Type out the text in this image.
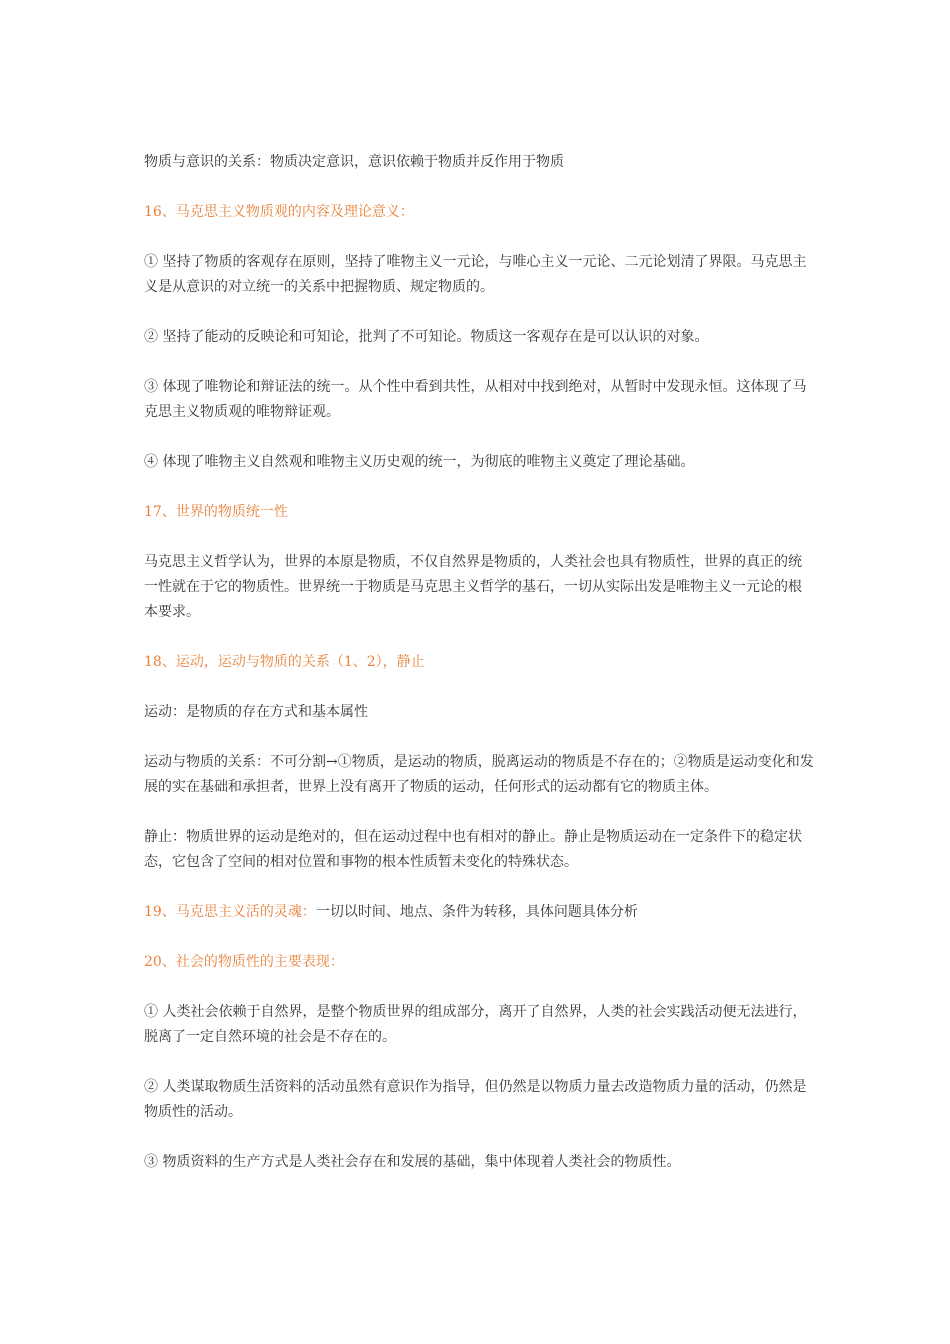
物质与意识的关系：物质决定意识，意识依赖于物质并反作用于物质

16、马克思主义物质观的内容及理论意义：

① 坚持了物质的客观存在原则，坚持了唯物主义一元论，与唯心主义一元论、二元论划清了界限。马克思主义是从意识的对立统一的关系中把握物质、规定物质的。

② 坚持了能动的反映论和可知论，批判了不可知论。物质这一客观存在是可以认识的对象。

③ 体现了唯物论和辩证法的统一。从个性中看到共性，从相对中找到绝对，从暂时中发现永恒。这体现了马克思主义物质观的唯物辩证观。

④ 体现了唯物主义自然观和唯物主义历史观的统一，为彻底的唯物主义奠定了理论基础。

17、世界的物质统一性

马克思主义哲学认为，世界的本原是物质，不仅自然界是物质的，人类社会也具有物质性，世界的真正的统一性就在于它的物质性。世界统一于物质是马克思主义哲学的基石，一切从实际出发是唯物主义一元论的根本要求。

18、运动，运动与物质的关系（1、2），静止

运动：是物质的存在方式和基本属性

运动与物质的关系：不可分割→①物质，是运动的物质，脱离运动的物质是不存在的；②物质是运动变化和发展的实在基础和承担者，世界上没有离开了物质的运动，任何形式的运动都有它的物质主体。

静止：物质世界的运动是绝对的，但在运动过程中也有相对的静止。静止是物质运动在一定条件下的稳定状态，它包含了空间的相对位置和事物的根本性质暂未变化的特殊状态。

19、马克思主义活的灵魂：一切以时间、地点、条件为转移，具体问题具体分析

20、社会的物质性的主要表现：

① 人类社会依赖于自然界，是整个物质世界的组成部分，离开了自然界，人类的社会实践活动便无法进行，脱离了一定自然环境的社会是不存在的。

② 人类谋取物质生活资料的活动虽然有意识作为指导，但仍然是以物质力量去改造物质力量的活动，仍然是物质性的活动。

③ 物质资料的生产方式是人类社会存在和发展的基础，集中体现着人类社会的物质性。
